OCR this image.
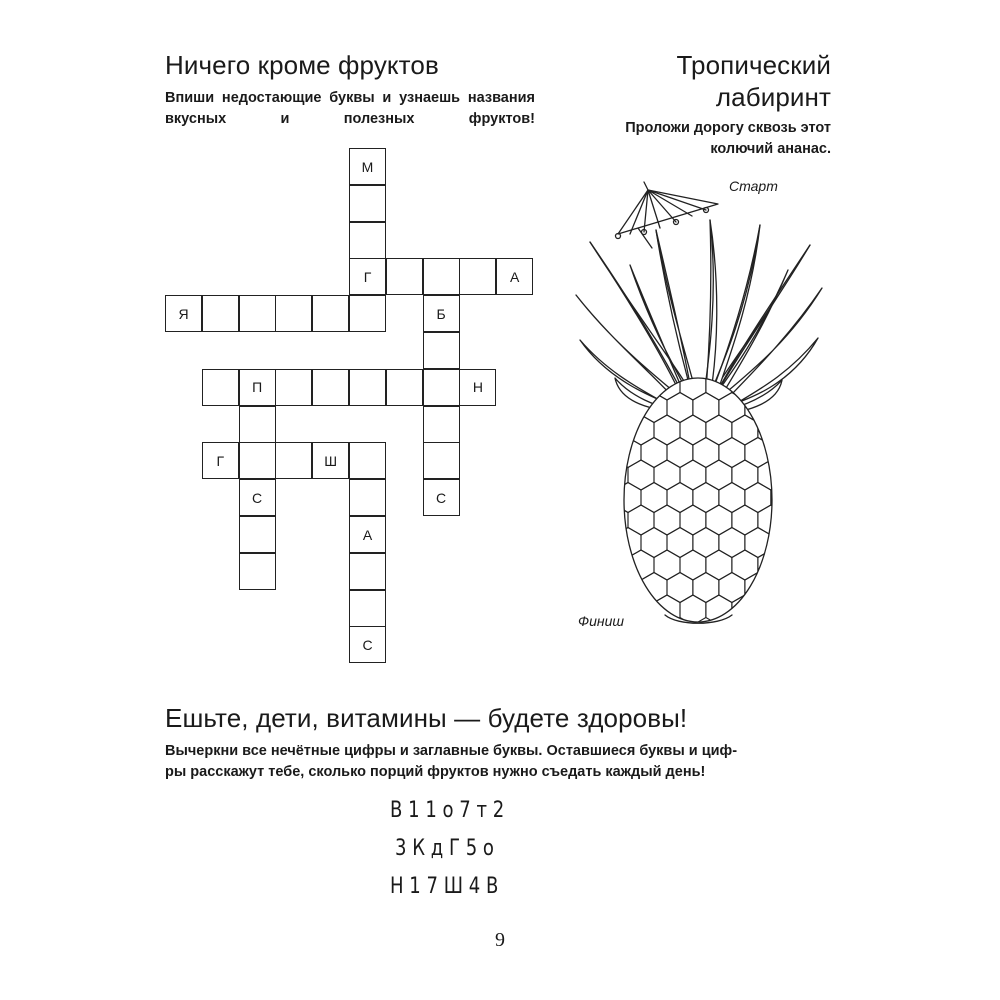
Ничего кроме фруктов

Впиши недостающие буквы и узнаешь названия вкусных и полезных фруктов!

М
Г	А
Я	Б
П	Н
Г	Ш
С	С
А
С
Тропический
лабиринт

Проложи дорогу сквозь этот

колючий ананас.

Старт
Финиш
Ешьте, дети, витамины — будете здоровы!

Вычеркни все нечётные цифры и заглавные буквы. Оставшиеся буквы и циф-

ры расскажут тебе, сколько порций фруктов нужно съедать каждый день!

В 1 1 о 7 т 2

3 К д Г 5 о

Н 1 7 Ш 4 В

9
